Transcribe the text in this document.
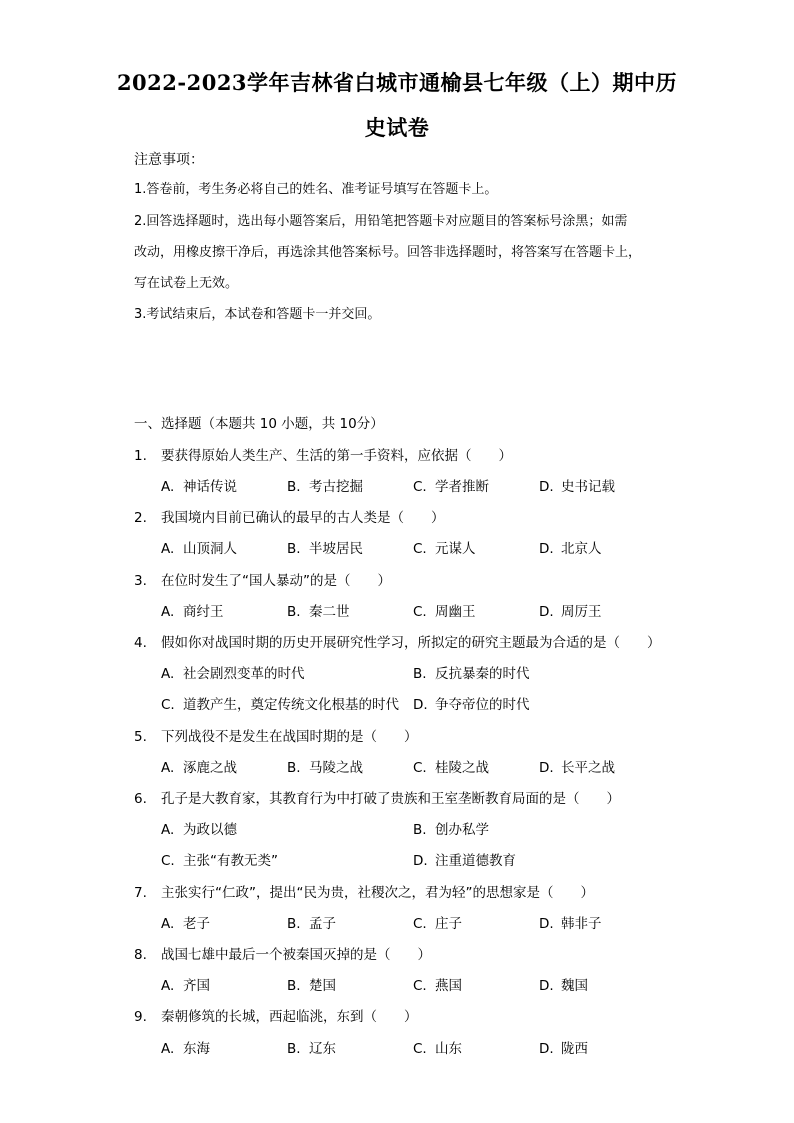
2022-2023学年吉林省白城市通榆县七年级（上）期中历
史试卷
注意事项：
1.答卷前，考生务必将自己的姓名、准考证号填写在答题卡上。
2.回答选择题时，选出每小题答案后，用铅笔把答题卡对应题目的答案标号涂黑；如需
改动，用橡皮擦干净后，再选涂其他答案标号。回答非选择题时，将答案写在答题卡上，
写在试卷上无效。
3.考试结束后，本试卷和答题卡一并交回。
一、选择题（本题共 10 小题，共 10分）
1. 要获得原始人类生产、生活的第一手资料，应依据（　　）
A. 神话传说	B. 考古挖掘	C. 学者推断	D. 史书记载
2. 我国境内目前已确认的最早的古人类是（　　）
A. 山顶洞人	B. 半坡居民	C. 元谋人	D. 北京人
3. 在位时发生了“国人暴动”的是（　　）
A. 商纣王	B. 秦二世	C. 周幽王	D. 周厉王
4. 假如你对战国时期的历史开展研究性学习，所拟定的研究主题最为合适的是（　　）
A. 社会剧烈变革的时代	B. 反抗暴秦的时代
C. 道教产生，奠定传统文化根基的时代 D. 争夺帝位的时代
5. 下列战役不是发生在战国时期的是（　　）
A. 涿鹿之战	B. 马陵之战	C. 桂陵之战	D. 长平之战
6. 孔子是大教育家，其教育行为中打破了贵族和王室垄断教育局面的是（　　）
A. 为政以德	B. 创办私学
C. 主张“有教无类”	D. 注重道德教育
7. 主张实行“仁政”，提出“民为贵，社稷次之，君为轻”的思想家是（　　）
A. 老子	B. 孟子	C. 庄子	D. 韩非子
8. 战国七雄中最后一个被秦国灭掉的是（　　）
A. 齐国	B. 楚国	C. 燕国	D. 魏国
9. 秦朝修筑的长城，西起临洮，东到（　　）
A. 东海	B. 辽东	C. 山东	D. 陇西
